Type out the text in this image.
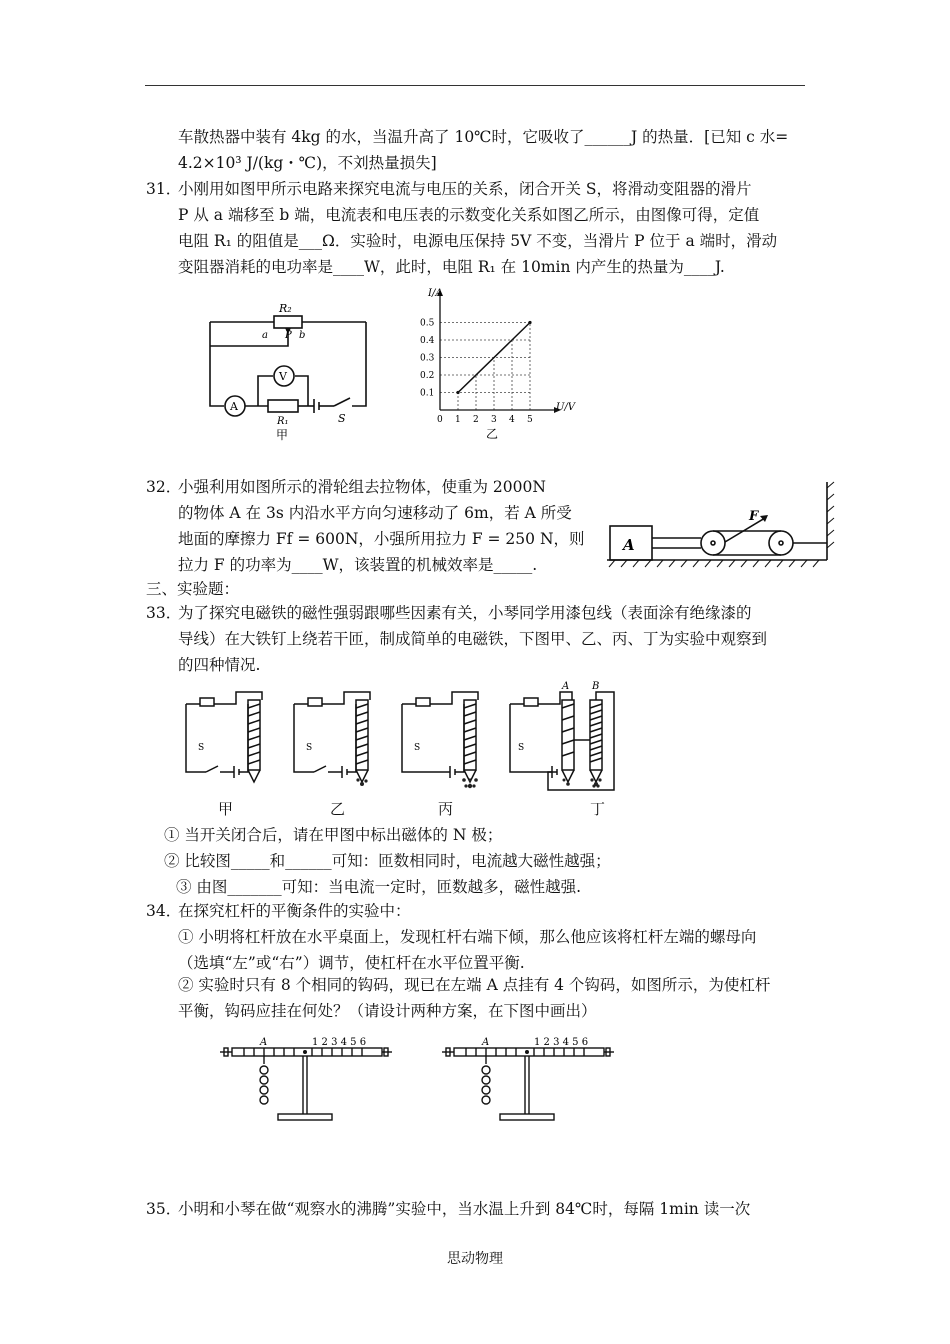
车散热器中装有 4kg 的水，当温升高了 10℃时，它吸收了______J 的热量．[已知 c 水=
4.2×10³ J/(kg・℃)，不刘热量损失]
31．
小刚用如图甲所示电路来探究电流与电压的关系，闭合开关 S，将滑动变阻器的滑片
P 从 a 端移至 b 端，电流表和电压表的示数变化关系如图乙所示，由图像可得，定值
电阻 R₁ 的阻值是___Ω．实验时，电源电压保持 5V 不变，当滑片 P 位于 a 端时，滑动
变阻器消耗的电功率是____W，此时，电阻 R₁ 在 10min 内产生的热量为____J.
R₂
a P b
V
A
R₁	S
甲
0.5
0.4
0.3
0.2
0.1
0 1 2 3 4 5
I/A
U/V
乙
32．
小强利用如图所示的滑轮组去拉物体，使重为 2000N
的物体 A 在 3s 内沿水平方向匀速移动了 6m，若 A 所受
地面的摩擦力 Ff = 600N，小强所用拉力 F = 250 N，则
拉力 F 的功率为____W，该装置的机械效率是_____.
A
F
三、实验题：
33．
为了探究电磁铁的磁性强弱跟哪些因素有关，小琴同学用漆包线（表面涂有绝缘漆的
导线）在大铁钉上绕若干匝，制成简单的电磁铁，下图甲、乙、丙、丁为实验中观察到
的四种情况.
S	S	S	S
A B
甲	乙	丙	丁
① 当开关闭合后，请在甲图中标出磁体的 N 极；
② 比较图_____和______可知：匝数相同时，电流越大磁性越强；
③ 由图_______可知：当电流一定时，匝数越多，磁性越强.
34．
在探究杠杆的平衡条件的实验中：
① 小明将杠杆放在水平桌面上，发现杠杆右端下倾，那么他应该将杠杆左端的螺母向
（选填“左”或“右”）调节，使杠杆在水平位置平衡.
② 实验时只有 8 个相同的钩码，现已在左端 A 点挂有 4 个钩码，如图所示，为使杠杆
平衡，钩码应挂在何处？（请设计两种方案，在下图中画出）
A	1 2 3 4 5 6	A	1 2 3 4 5 6
35．
小明和小琴在做“观察水的沸腾”实验中，当水温上升到 84℃时，每隔 1min 读一次
思动物理
